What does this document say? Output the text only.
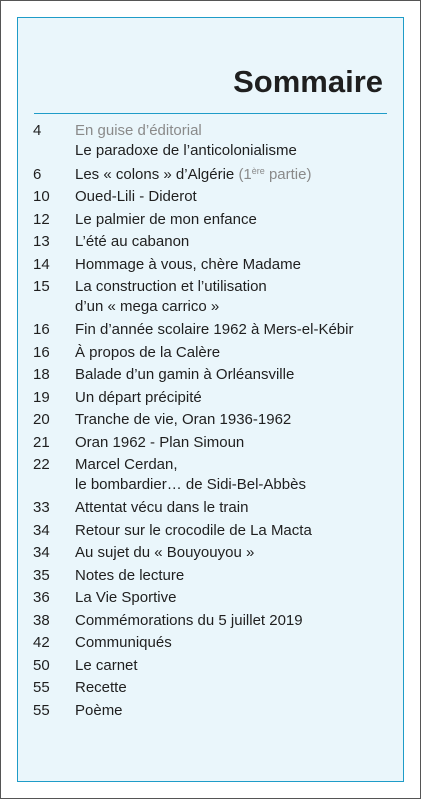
Sommaire
4	En guise d’éditorial
Le paradoxe de l’anticolonialisme
6	Les « colons » d’Algérie (1ère partie)
10	Oued-Lili - Diderot
12	Le palmier de mon enfance
13	L’été au cabanon
14	Hommage à vous, chère Madame
15	La construction et l’utilisation
d’un « mega carrico »
16	Fin d’année scolaire 1962 à Mers-el-Kébir
16	À propos de la Calère
18	Balade d’un gamin à Orléansville
19	Un départ précipité
20	Tranche de vie, Oran 1936-1962
21	Oran 1962 - Plan Simoun
22	Marcel Cerdan,
le bombardier… de Sidi-Bel-Abbès
33	Attentat vécu dans le train
34	Retour sur le crocodile de La Macta
34	Au sujet du « Bouyouyou »
35	Notes de lecture
36	La Vie Sportive
38	Commémorations du 5 juillet 2019
42	Communiqués
50	Le carnet
55	Recette
55	Poème
